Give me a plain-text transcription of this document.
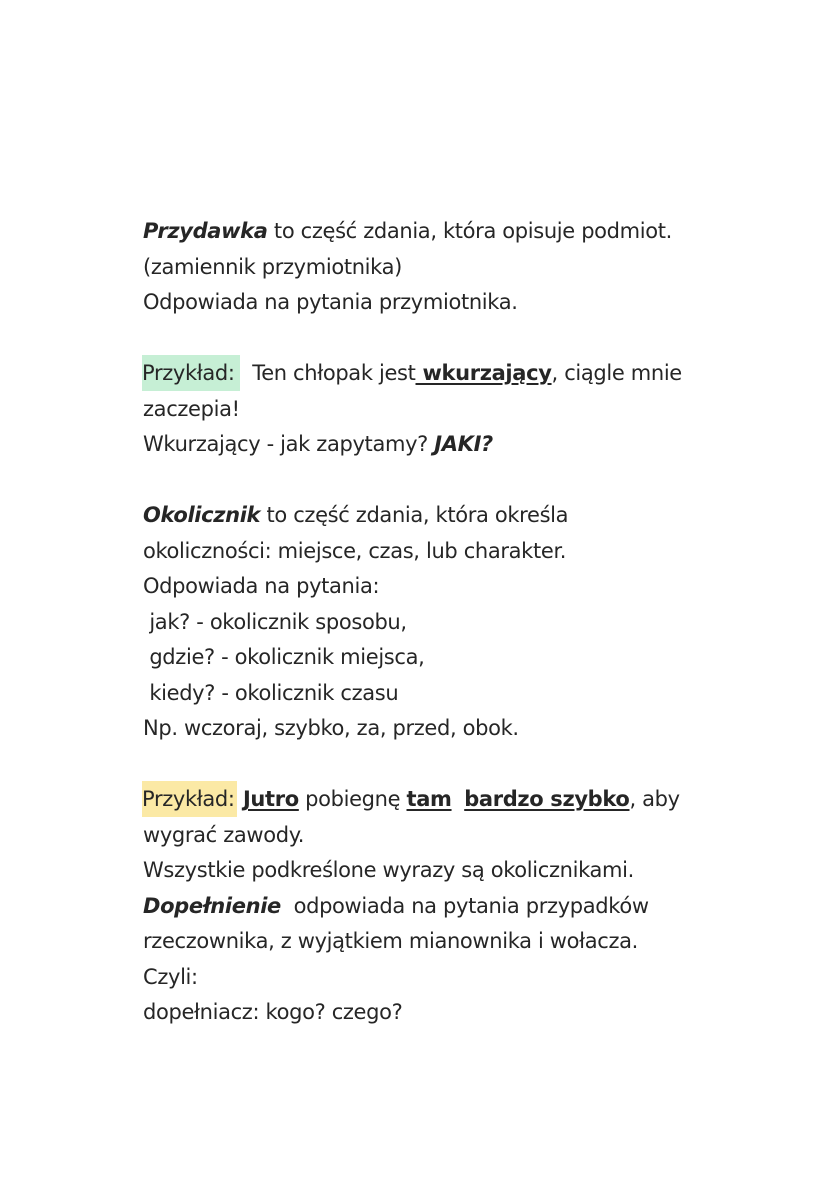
Przydawka to część zdania, która opisuje podmiot.
(zamiennik przymiotnika)
Odpowiada na pytania przymiotnika.
Przykład:  Ten chłopak jest wkurzający, ciągle mnie
zaczepia!
Wkurzający - jak zapytamy? JAKI?
Okolicznik to część zdania, która określa
okoliczności: miejsce, czas, lub charakter.
Odpowiada na pytania:
jak? - okolicznik sposobu,
gdzie? - okolicznik miejsca,
kiedy? - okolicznik czasu
Np. wczoraj, szybko, za, przed, obok.
Przykład: Jutro pobiegnę tam bardzo szybko, aby
wygrać zawody.
Wszystkie podkreślone wyrazy są okolicznikami.
Dopełnienie  odpowiada na pytania przypadków
rzeczownika, z wyjątkiem mianownika i wołacza.
Czyli:
dopełniacz: kogo? czego?
